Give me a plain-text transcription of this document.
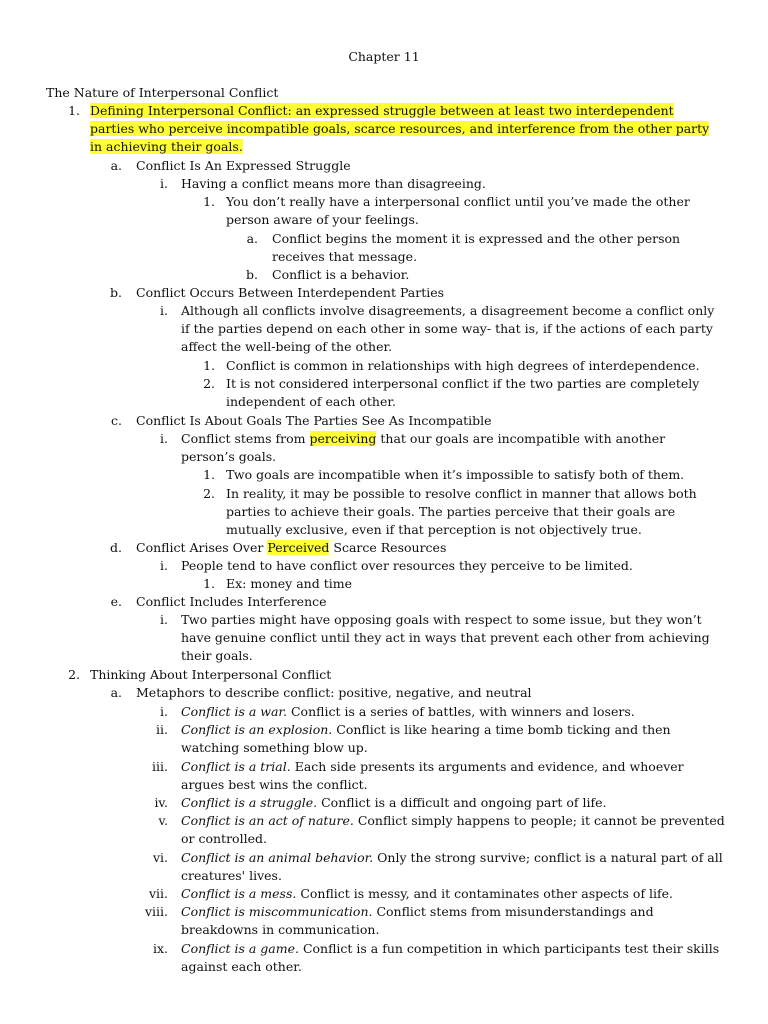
Chapter 11
The Nature of Interpersonal Conflict
1. Defining Interpersonal Conflict: an expressed struggle between at least two interdependent
parties who perceive incompatible goals, scarce resources, and interference from the other party
in achieving their goals.
a. Conflict Is An Expressed Struggle
i. Having a conflict means more than disagreeing.
1. You don’t really have a interpersonal conflict until you’ve made the other
person aware of your feelings.
a. Conflict begins the moment it is expressed and the other person
receives that message.
b. Conflict is a behavior.
b. Conflict Occurs Between Interdependent Parties
i. Although all conflicts involve disagreements, a disagreement become a conflict only
if the parties depend on each other in some way- that is, if the actions of each party
affect the well-being of the other.
1. Conflict is common in relationships with high degrees of interdependence.
2. It is not considered interpersonal conflict if the two parties are completely
independent of each other.
c. Conflict Is About Goals The Parties See As Incompatible
i. Conflict stems from perceiving that our goals are incompatible with another
person’s goals.
1. Two goals are incompatible when it’s impossible to satisfy both of them.
2. In reality, it may be possible to resolve conflict in manner that allows both
parties to achieve their goals. The parties perceive that their goals are
mutually exclusive, even if that perception is not objectively true.
d. Conflict Arises Over Perceived Scarce Resources
i. People tend to have conflict over resources they perceive to be limited.
1. Ex: money and time
e. Conflict Includes Interference
i. Two parties might have opposing goals with respect to some issue, but they won’t
have genuine conflict until they act in ways that prevent each other from achieving
their goals.
2. Thinking About Interpersonal Conflict
a. Metaphors to describe conflict: positive, negative, and neutral
i. Conflict is a war. Conflict is a series of battles, with winners and losers.
ii. Conflict is an explosion. Conflict is like hearing a time bomb ticking and then
watching something blow up.
iii. Conflict is a trial. Each side presents its arguments and evidence, and whoever
argues best wins the conflict.
iv. Conflict is a struggle. Conflict is a difficult and ongoing part of life.
v. Conflict is an act of nature. Conflict simply happens to people; it cannot be prevented
or controlled.
vi. Conflict is an animal behavior. Only the strong survive; conflict is a natural part of all
creatures' lives.
vii. Conflict is a mess. Conflict is messy, and it contaminates other aspects of life.
viii. Conflict is miscommunication. Conflict stems from misunderstandings and
breakdowns in communication.
ix. Conflict is a game. Conflict is a fun competition in which participants test their skills
against each other.
